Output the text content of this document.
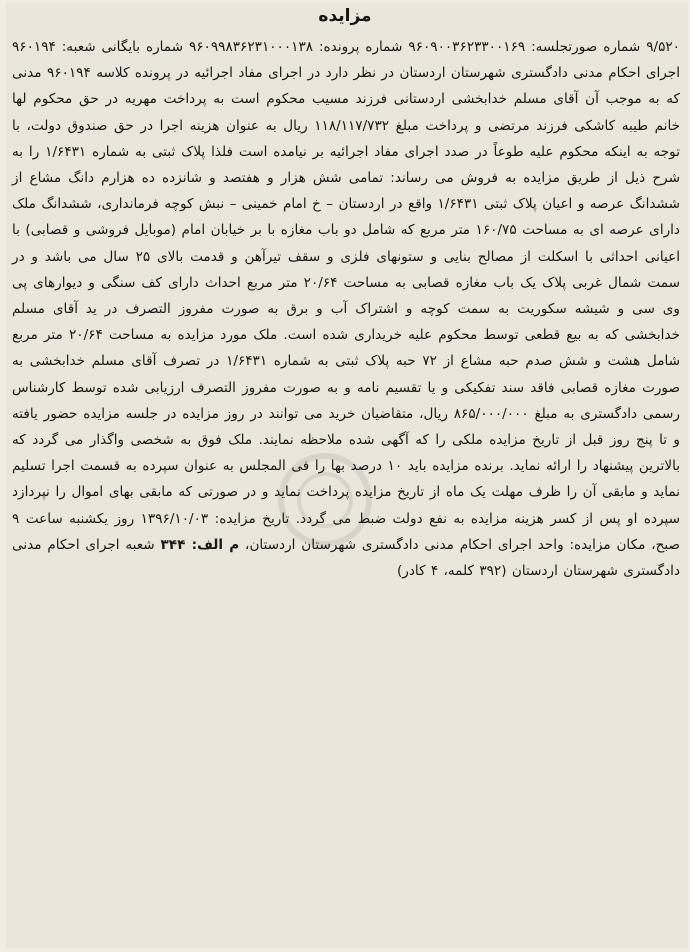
مزایده
۹/۵۲۰ شماره صورتجلسه: ۹۶۰۹۰۰۳۶۲۳۳۰۰۱۶۹ شماره پرونده: ۹۶۰۹۹۸۳۶۲۳۱۰۰۰۱۳۸ شماره بایگانی شعبه: ۹۶۰۱۹۴ اجرای احکام مدنی دادگستری شهرستان اردستان در نظر دارد در اجرای مفاد اجرائیه در پرونده کلاسه ۹۶۰۱۹۴ مدنی که به موجب آن آقای مسلم خدابخشی اردستانی فرزند مسیب محکوم است به پرداخت مهریه در حق محکوم لها خانم طیبه کاشکی فرزند مرتضی و پرداخت مبلغ ۱۱۸/۱۱۷/۷۳۲ ریال به عنوان هزینه اجرا در حق صندوق دولت، با توجه به اینکه محکوم علیه طوعاً در صدد اجرای مفاد اجرائیه بر نیامده است فلذا پلاک ثبتی به شماره ۱/۶۴۳۱ را به شرح ذیل از طریق مزایده به فروش می رساند: تمامی شش هزار و هفتصد و شانزده ده هزارم دانگ مشاع از ششدانگ عرصه و اعیان پلاک ثبتی ۱/۶۴۳۱ واقع در اردستان – خ امام خمینی – نبش کوچه فرمانداری، ششدانگ ملک دارای عرصه ای به مساحت ۱۶۰/۷۵ متر مربع که شامل دو باب مغازه با بر خیابان امام (موبایل فروشی و قصابی) با اعیانی احداثی با اسکلت از مصالح بنایی و ستونهای فلزی و سقف تیرآهن و قدمت بالای ۲۵ سال می باشد و در سمت شمال غربی پلاک یک باب مغازه قصابی به مساحت ۲۰/۶۴ متر مربع احداث دارای کف سنگی و دیوارهای پی وی سی و شیشه سکوریت به سمت کوچه و اشتراک آب و برق به صورت مفروز التصرف در ید آقای مسلم خدابخشی که به بیع قطعی توسط محکوم علیه خریداری شده است. ملک مورد مزایده به مساحت ۲۰/۶۴ متر مربع شامل هشت و شش صدم حبه مشاع از ۷۲ حبه پلاک ثبتی به شماره ۱/۶۴۳۱ در تصرف آقای مسلم خدابخشی به صورت مغازه قصابی فاقد سند تفکیکی و یا تقسیم نامه و به صورت مفروز التصرف ارزیابی شده توسط کارشناس رسمی دادگستری به مبلغ ۸۶۵/۰۰۰/۰۰۰ ریال، متقاضیان خرید می توانند در روز مزایده در جلسه مزایده حضور یافته و تا پنج روز قبل از تاریخ مزایده ملکی را که آگهی شده ملاحظه نمایند. ملک فوق به شخصی واگذار می گردد که بالاترین پیشنهاد را ارائه نماید. برنده مزایده باید ۱۰ درصد بها را فی المجلس به عنوان سپرده به قسمت اجرا تسلیم نماید و مابقی آن را ظرف مهلت یک ماه از تاریخ مزایده پرداخت نماید و در صورتی که مابقی بهای اموال را نپردازد سپرده او پس از کسر هزینه مزایده به نفع دولت ضبط می گردد. تاریخ مزایده: ۱۳۹۶/۱۰/۰۳ روز یکشنبه ساعت ۹ صبح، مکان مزایده: واحد اجرای احکام مدنی دادگستری شهرستان اردستان، م الف: ۳۴۴ شعبه اجرای احکام مدنی دادگستری شهرستان اردستان (۳۹۲ کلمه، ۴ کادر)
